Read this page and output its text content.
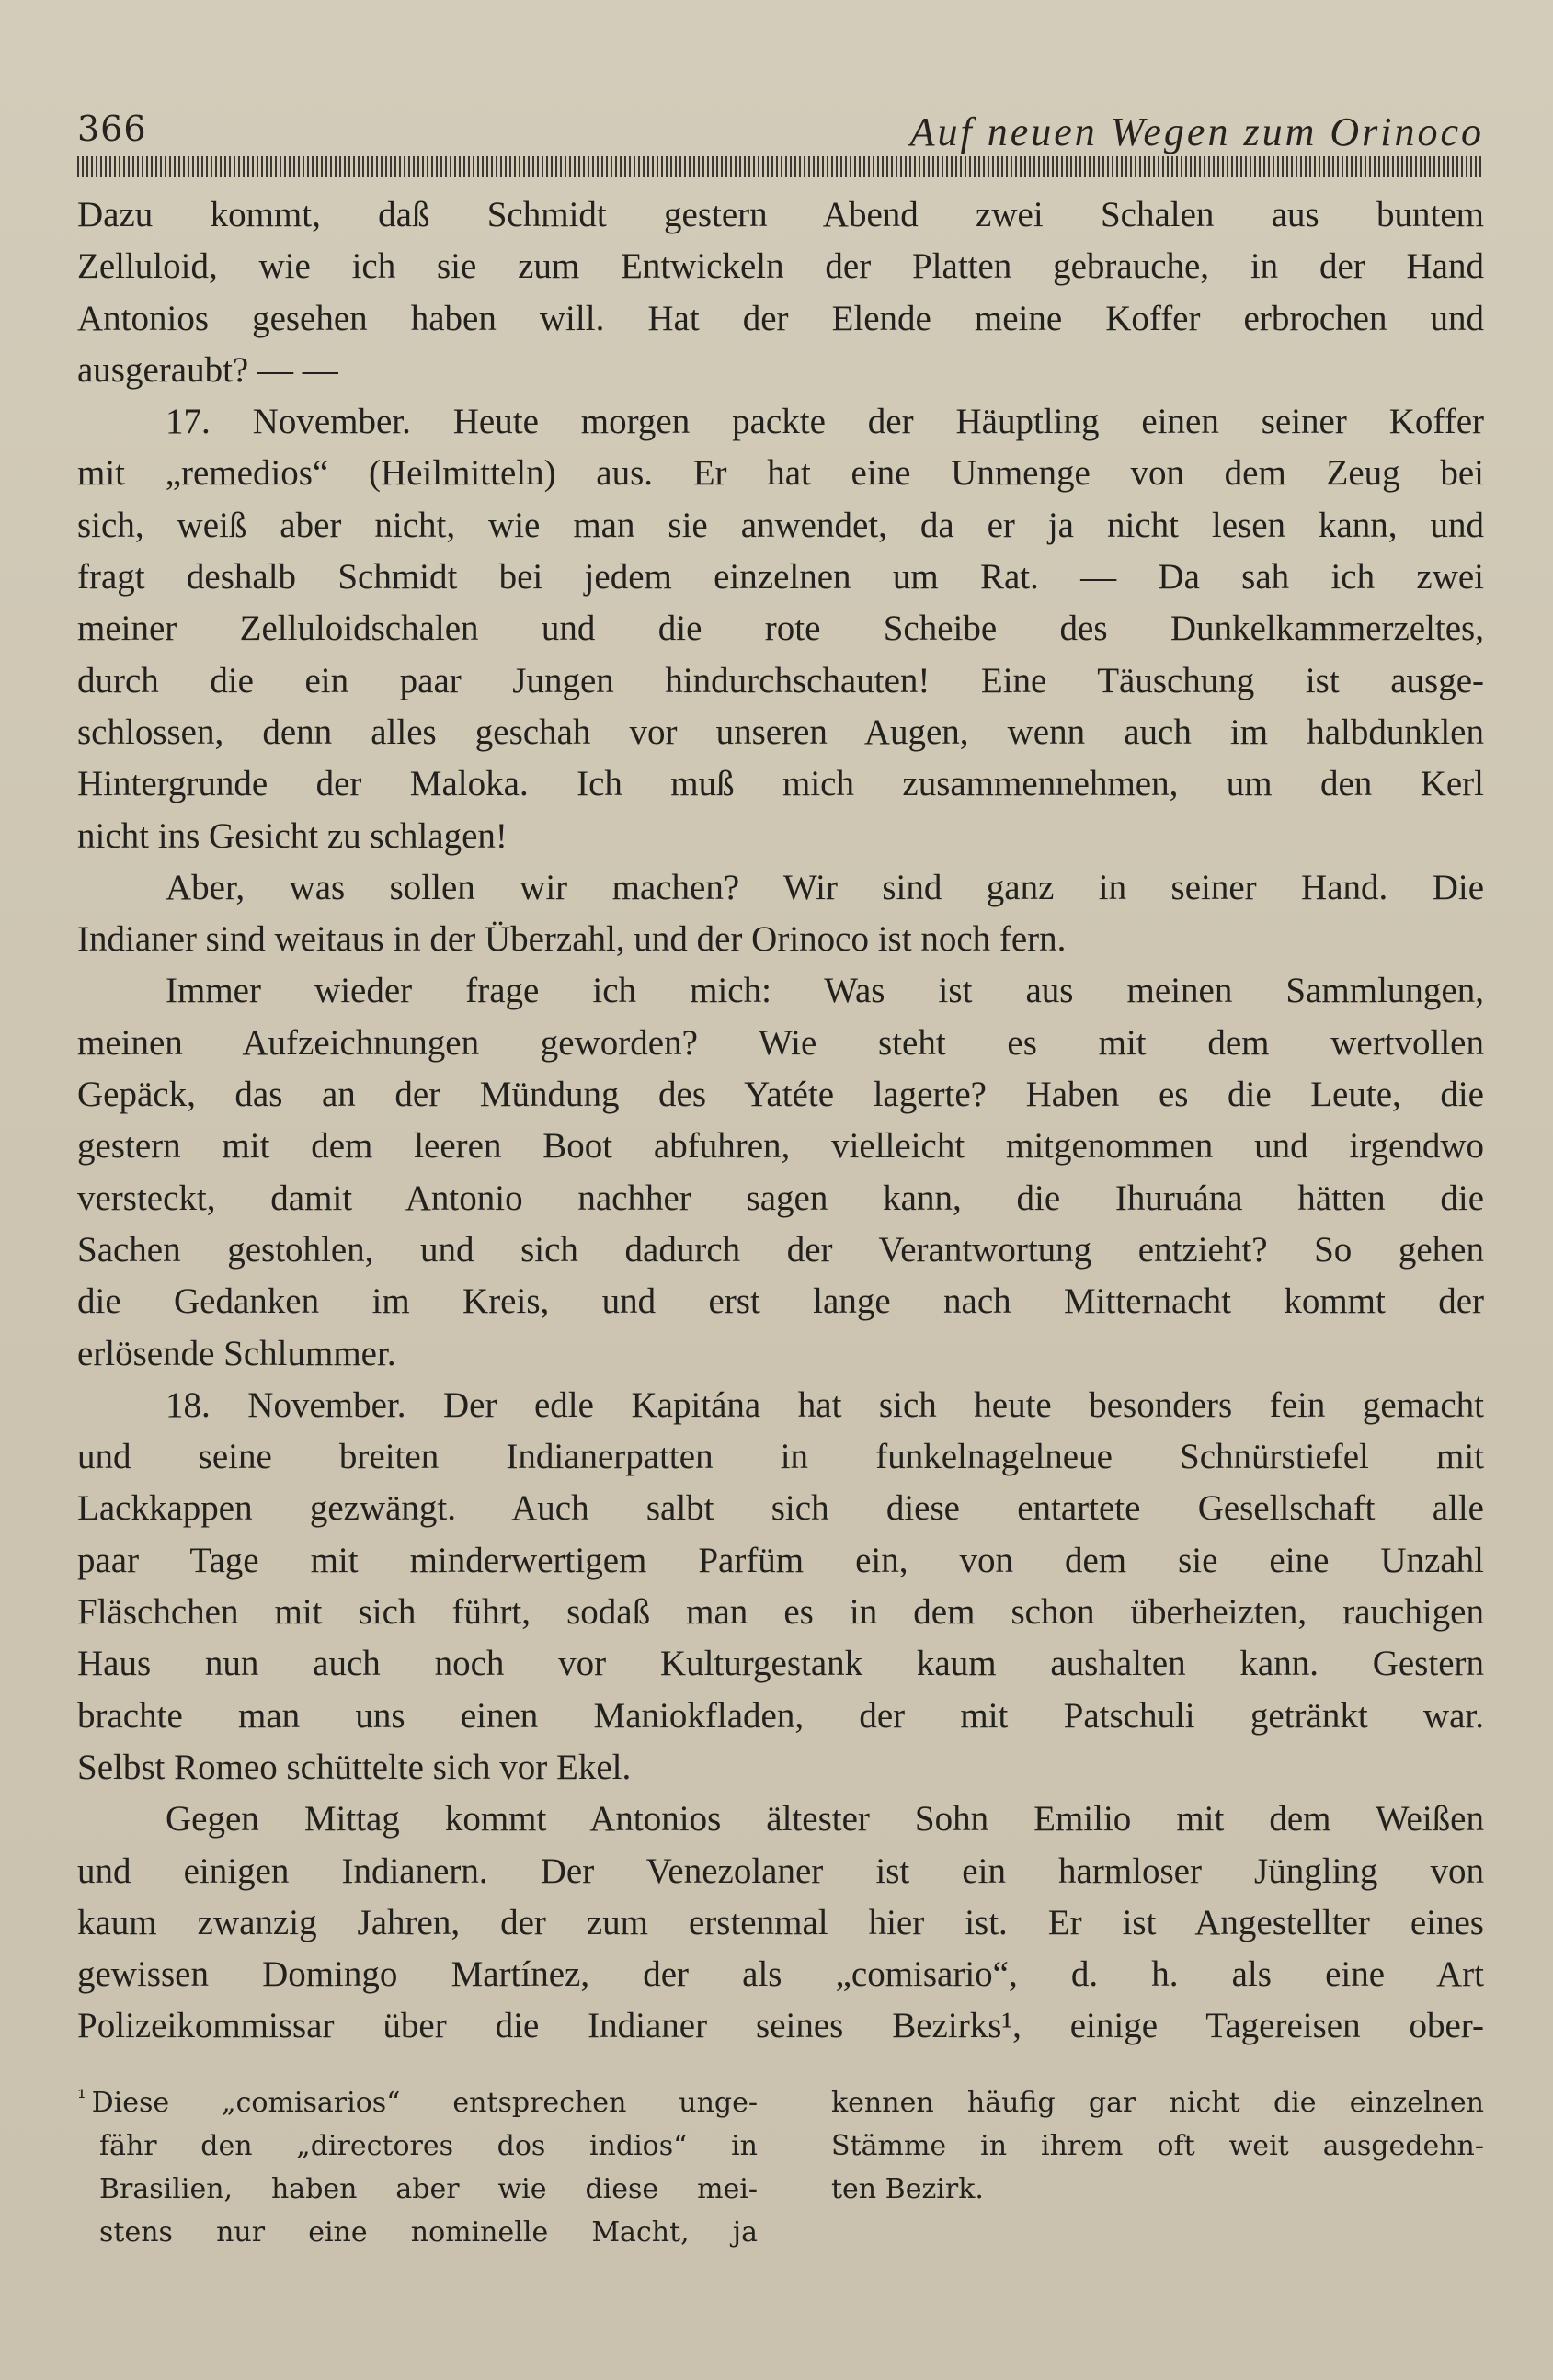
366	Auf neuen Wegen zum Orinoco
Dazu kommt, daß Schmidt gestern Abend zwei Schalen aus buntem
Zelluloid, wie ich sie zum Entwickeln der Platten gebrauche, in der Hand
Antonios gesehen haben will. Hat der Elende meine Koffer erbrochen und
ausgeraubt? — —
17. November. Heute morgen packte der Häuptling einen seiner Koffer
mit „remedios“ (Heilmitteln) aus. Er hat eine Unmenge von dem Zeug bei
sich, weiß aber nicht, wie man sie anwendet, da er ja nicht lesen kann, und
fragt deshalb Schmidt bei jedem einzelnen um Rat. — Da sah ich zwei
meiner Zelluloidschalen und die rote Scheibe des Dunkelkammerzeltes,
durch die ein paar Jungen hindurchschauten! Eine Täuschung ist ausge-
schlossen, denn alles geschah vor unseren Augen, wenn auch im halbdunklen
Hintergrunde der Maloka. Ich muß mich zusammennehmen, um den Kerl
nicht ins Gesicht zu schlagen!
Aber, was sollen wir machen? Wir sind ganz in seiner Hand. Die
Indianer sind weitaus in der Überzahl, und der Orinoco ist noch fern.
Immer wieder frage ich mich: Was ist aus meinen Sammlungen,
meinen Aufzeichnungen geworden? Wie steht es mit dem wertvollen
Gepäck, das an der Mündung des Yatéte lagerte? Haben es die Leute, die
gestern mit dem leeren Boot abfuhren, vielleicht mitgenommen und irgendwo
versteckt, damit Antonio nachher sagen kann, die Ihuruána hätten die
Sachen gestohlen, und sich dadurch der Verantwortung entzieht? So gehen
die Gedanken im Kreis, und erst lange nach Mitternacht kommt der
erlösende Schlummer.
18. November. Der edle Kapitána hat sich heute besonders fein gemacht
und seine breiten Indianerpatten in funkelnagelneue Schnürstiefel mit
Lackkappen gezwängt. Auch salbt sich diese entartete Gesellschaft alle
paar Tage mit minderwertigem Parfüm ein, von dem sie eine Unzahl
Fläschchen mit sich führt, sodaß man es in dem schon überheizten, rauchigen
Haus nun auch noch vor Kulturgestank kaum aushalten kann. Gestern
brachte man uns einen Maniokfladen, der mit Patschuli getränkt war.
Selbst Romeo schüttelte sich vor Ekel.
Gegen Mittag kommt Antonios ältester Sohn Emilio mit dem Weißen
und einigen Indianern. Der Venezolaner ist ein harmloser Jüngling von
kaum zwanzig Jahren, der zum erstenmal hier ist. Er ist Angestellter eines
gewissen Domingo Martínez, der als „comisario“, d. h. als eine Art
Polizeikommissar über die Indianer seines Bezirks¹, einige Tagereisen ober-
$^{^1}$ Diese „comisarios“ entsprechen unge-
fähr den „directores dos indios“ in
Brasilien, haben aber wie diese mei-
stens nur eine nominelle Macht, ja
kennen häufig gar nicht die einzelnen
Stämme in ihrem oft weit ausgedehn-
ten Bezirk.
